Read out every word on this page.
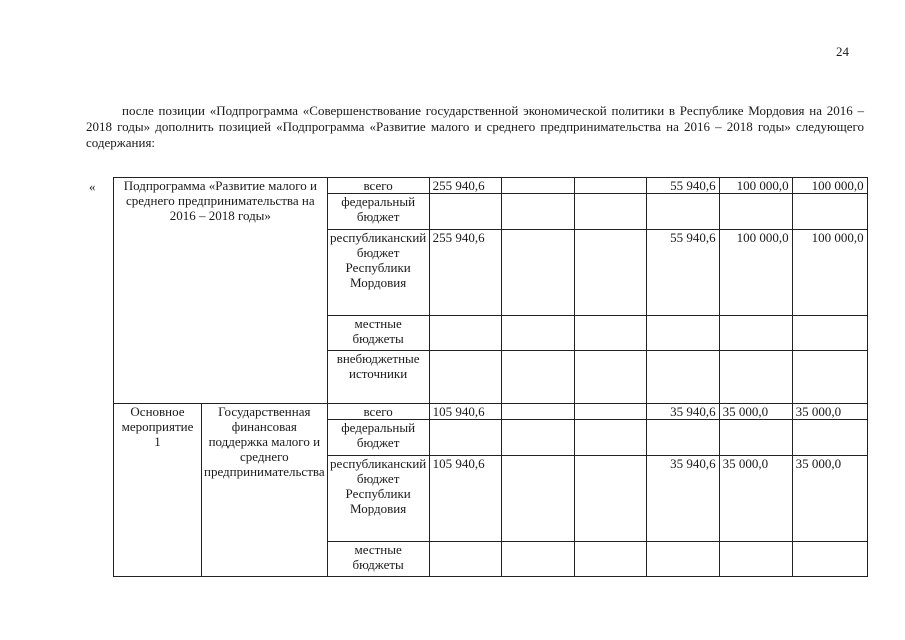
24
после позиции «Подпрограмма «Совершенствование государственной экономической политики в Республике Мордовия на 2016 – 2018 годы» дополнить позицией «Подпрограмма «Развитие малого и среднего предпринимательства на 2016 – 2018 годы» следующего содержания:
« Подпрограмма «Развитие малого и среднего предпринимательства на 2016 – 2018 годы»		всего	255 940,6			55 940,6	100 000,0	100 000,0
		федеральный бюджет						
		республиканский бюджет Республики Мордовия	255 940,6			55 940,6	100 000,0	100 000,0
		местные бюджеты						
		внебюджетные источники						
Основное мероприятие 1	Государственная финансовая поддержка малого и среднего предпринимательства	всего	105 940,6			35 940,6	35 000,0	35 000,0
		федеральный бюджет						
		республиканский бюджет Республики Мордовия	105 940,6			35 940,6	35 000,0	35 000,0
		местные бюджеты						
